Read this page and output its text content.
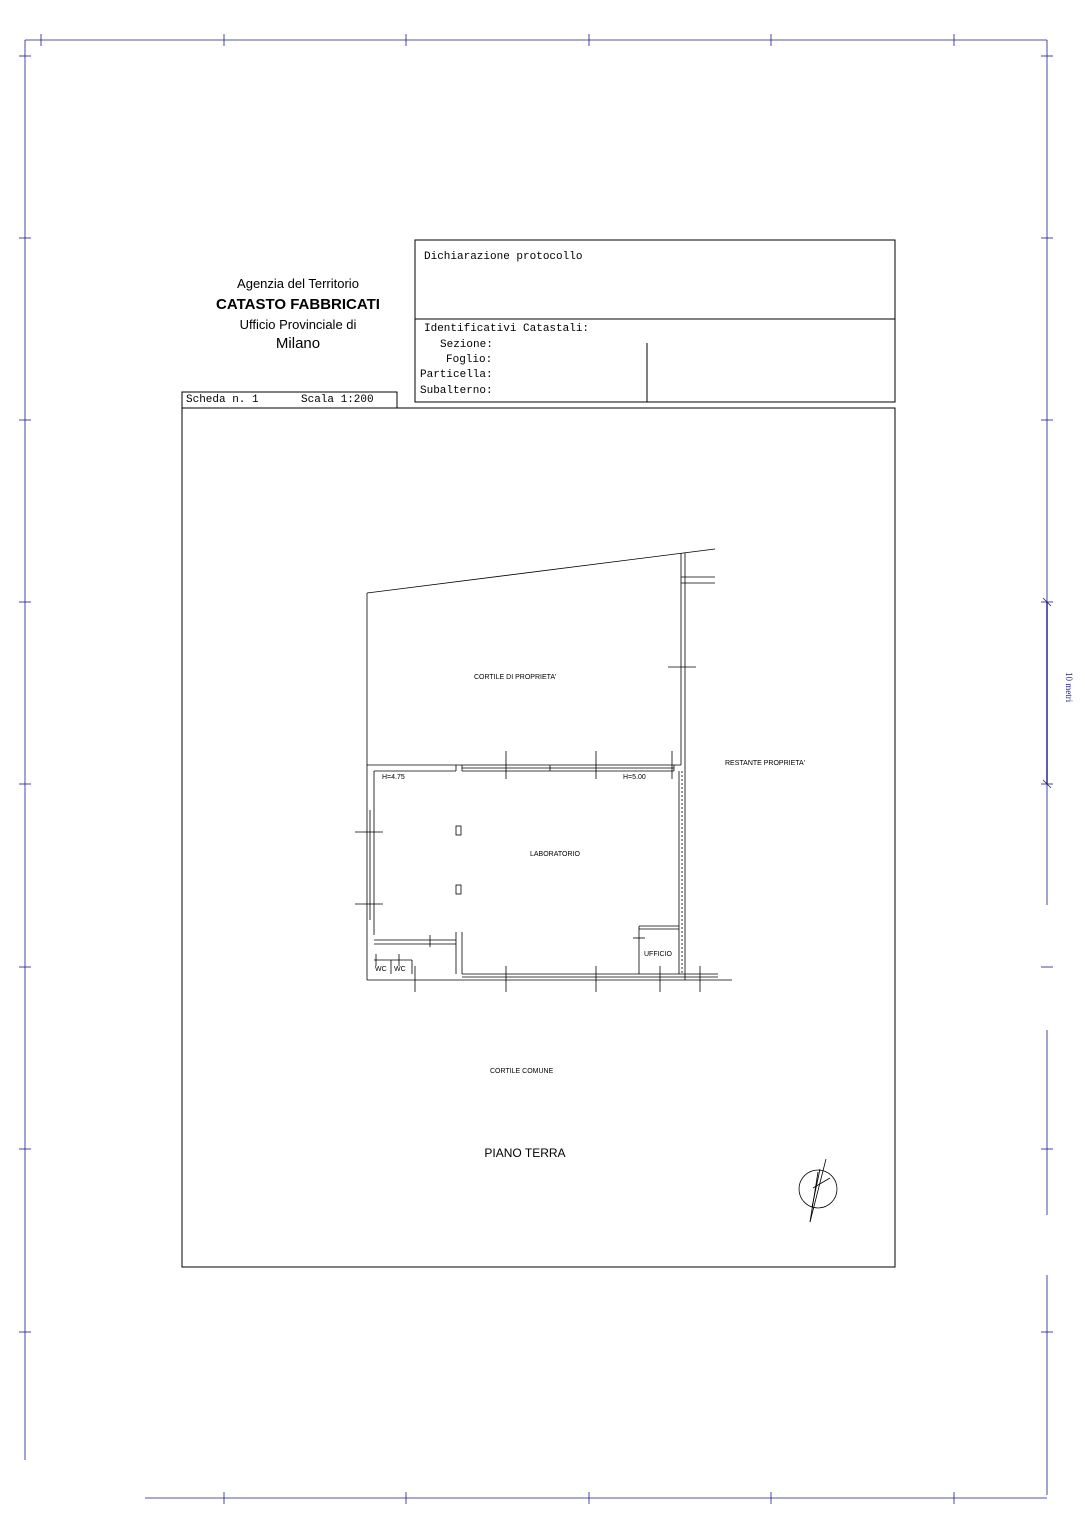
10 metri
Agenzia del Territorio
CATASTO FABBRICATI
Ufficio Provinciale di
Milano
Dichiarazione protocollo
Identificativi Catastali:
Sezione:
Foglio:
Particella:
Subalterno:
Scheda n. 1	Scala 1:200
CORTILE DI PROPRIETA'
RESTANTE PROPRIETA'
H=4.75	H=5.00
LABORATORIO
UFFICIO
WC WC
CORTILE COMUNE
PIANO TERRA
